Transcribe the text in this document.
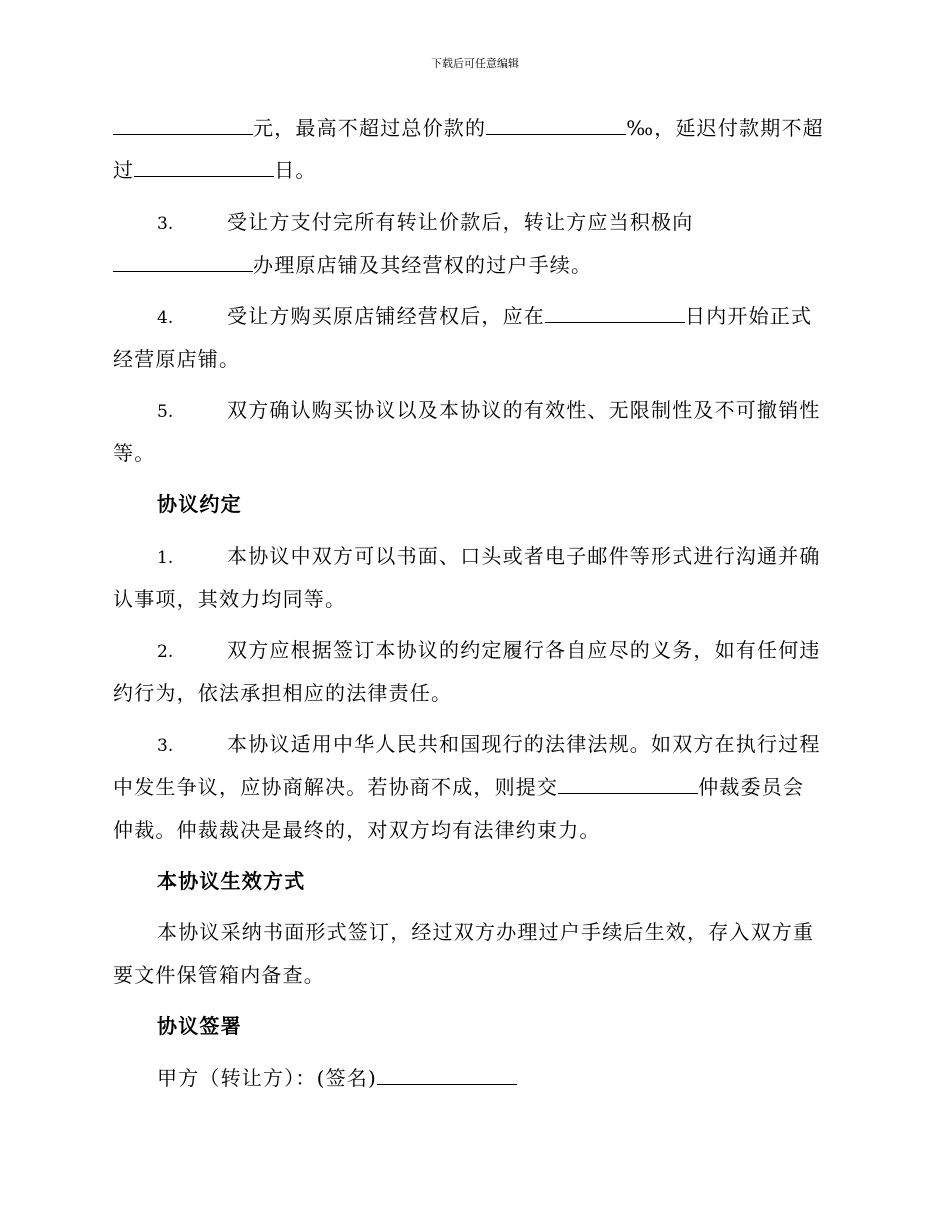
下载后可任意编辑
元，最高不超过总价款的	‰，延迟付款期不超
过	日。
3.	受让方支付完所有转让价款后，转让方应当积极向
办理原店铺及其经营权的过户手续。
4.	受让方购买原店铺经营权后，应在	日内开始正式
经营原店铺。
5.	双方确认购买协议以及本协议的有效性、无限制性及不可撤销性
等。
协议约定
1.	本协议中双方可以书面、口头或者电子邮件等形式进行沟通并确
认事项，其效力均同等。
2.	双方应根据签订本协议的约定履行各自应尽的义务，如有任何违
约行为，依法承担相应的法律责任。
3.	本协议适用中华人民共和国现行的法律法规。如双方在执行过程
中发生争议，应协商解决。若协商不成，则提交	仲裁委员会
仲裁。仲裁裁决是最终的，对双方均有法律约束力。
本协议生效方式
本协议采纳书面形式签订，经过双方办理过户手续后生效，存入双方重
要文件保管箱内备查。
协议签署
甲方（转让方）：(签名)
